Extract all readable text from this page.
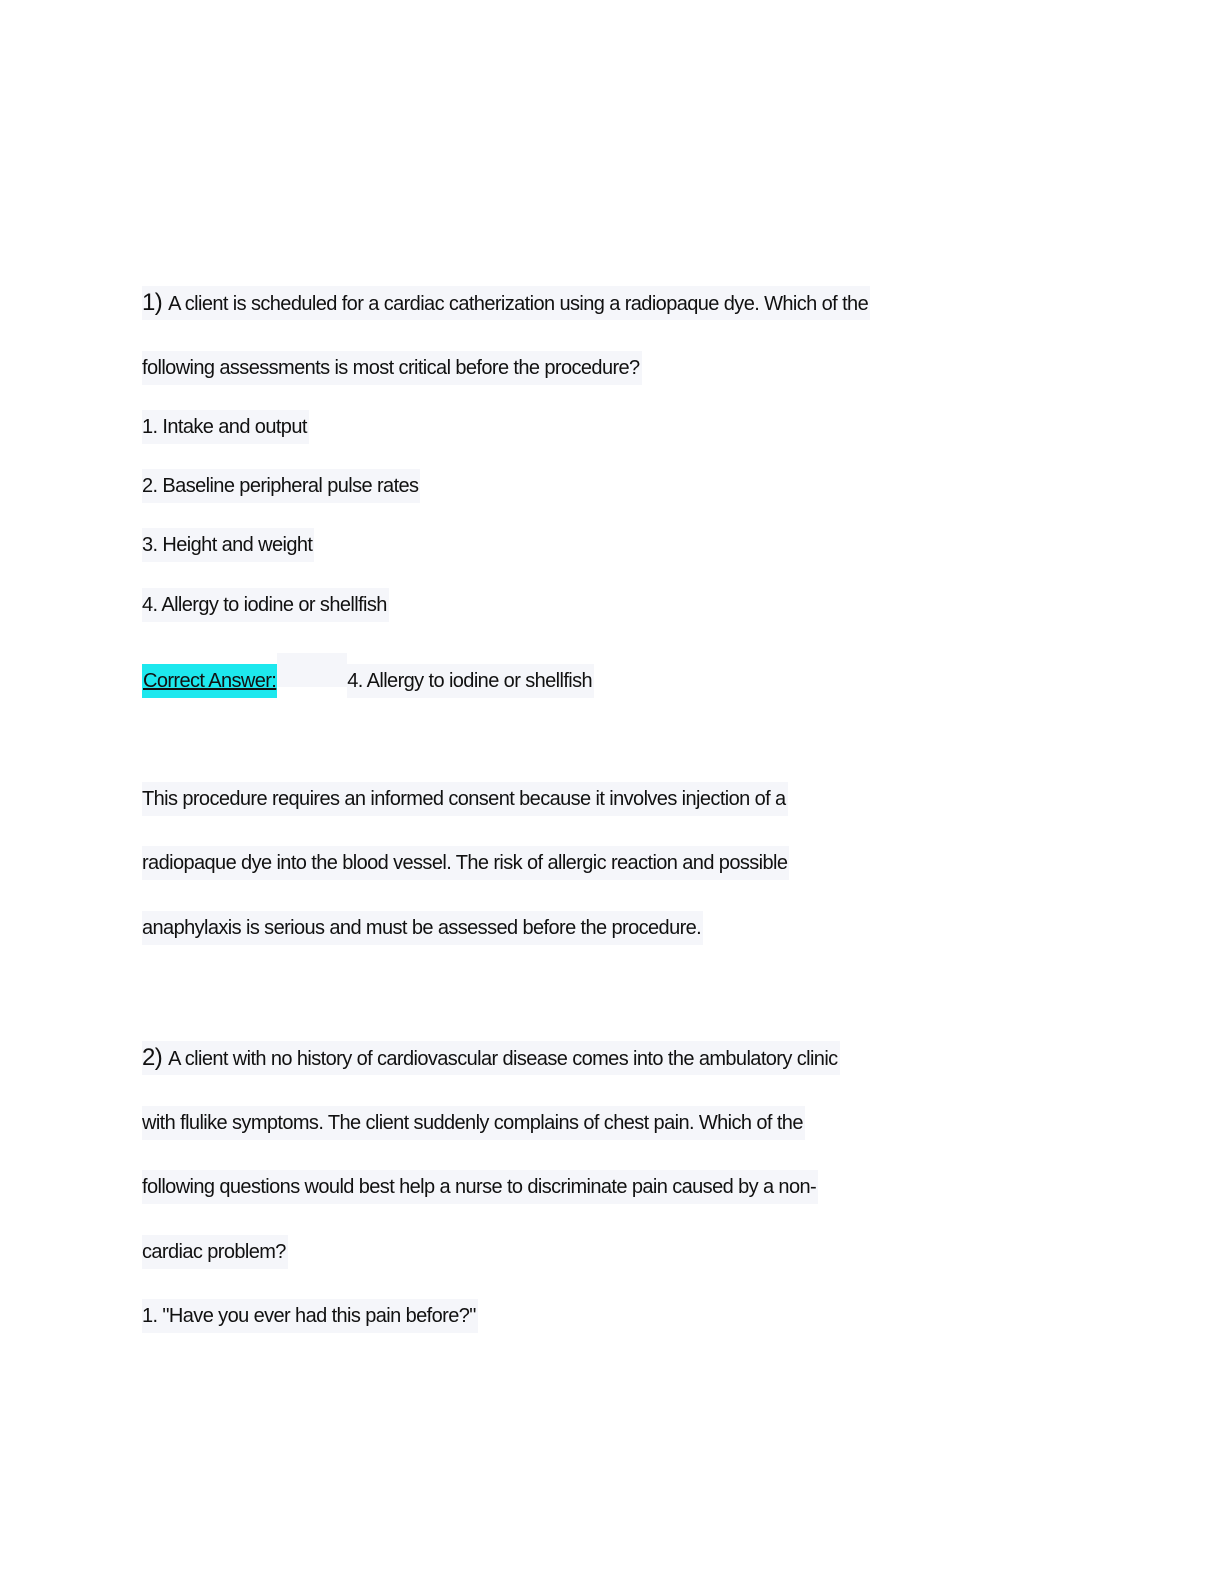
1) A client is scheduled for a cardiac catherization using a radiopaque dye. Which of the
following assessments is most critical before the procedure?
1. Intake and output
2. Baseline peripheral pulse rates
3. Height and weight
4. Allergy to iodine or shellfish
Correct Answer:	4. Allergy to iodine or shellfish
This procedure requires an informed consent because it involves injection of a
radiopaque dye into the blood vessel. The risk of allergic reaction and possible
anaphylaxis is serious and must be assessed before the procedure.
2) A client with no history of cardiovascular disease comes into the ambulatory clinic
with flulike symptoms. The client suddenly complains of chest pain. Which of the
following questions would best help a nurse to discriminate pain caused by a non-
cardiac problem?
1. "Have you ever had this pain before?"
